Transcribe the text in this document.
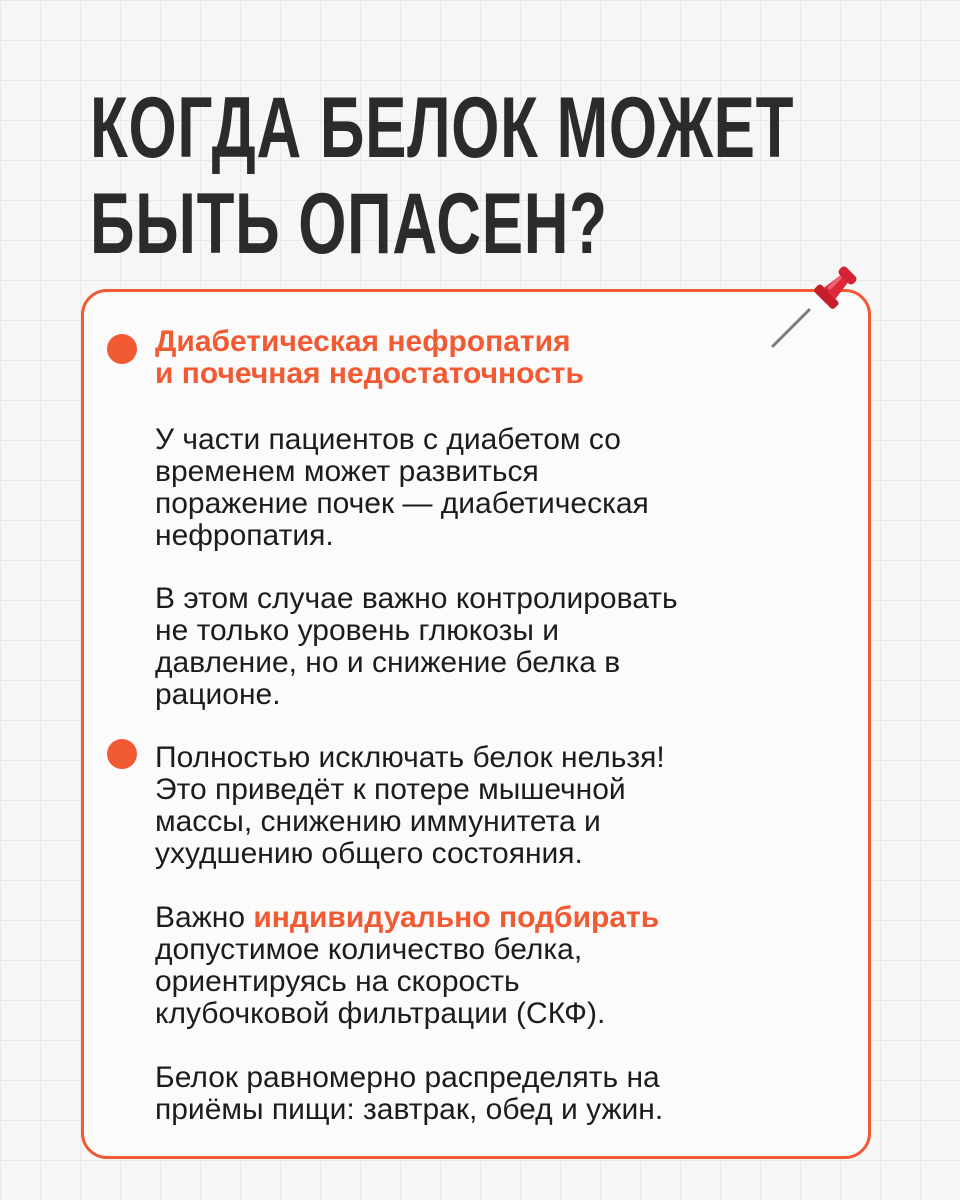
КОГДА БЕЛОК МОЖЕТ
БЫТЬ ОПАСЕН?

Диабетическая нефропатия
и почечная недостаточность

У части пациентов с диабетом со
временем может развиться
поражение почек — диабетическая
нефропатия.

В этом случае важно контролировать
не только уровень глюкозы и
давление, но и снижение белка в
рационе.

Полностью исключать белок нельзя!
Это приведёт к потере мышечной
массы, снижению иммунитета и
ухудшению общего состояния.

Важно индивидуально подбирать
допустимое количество белка,
ориентируясь на скорость
клубочковой фильтрации (СКФ).

Белок равномерно распределять на
приёмы пищи: завтрак, обед и ужин.
